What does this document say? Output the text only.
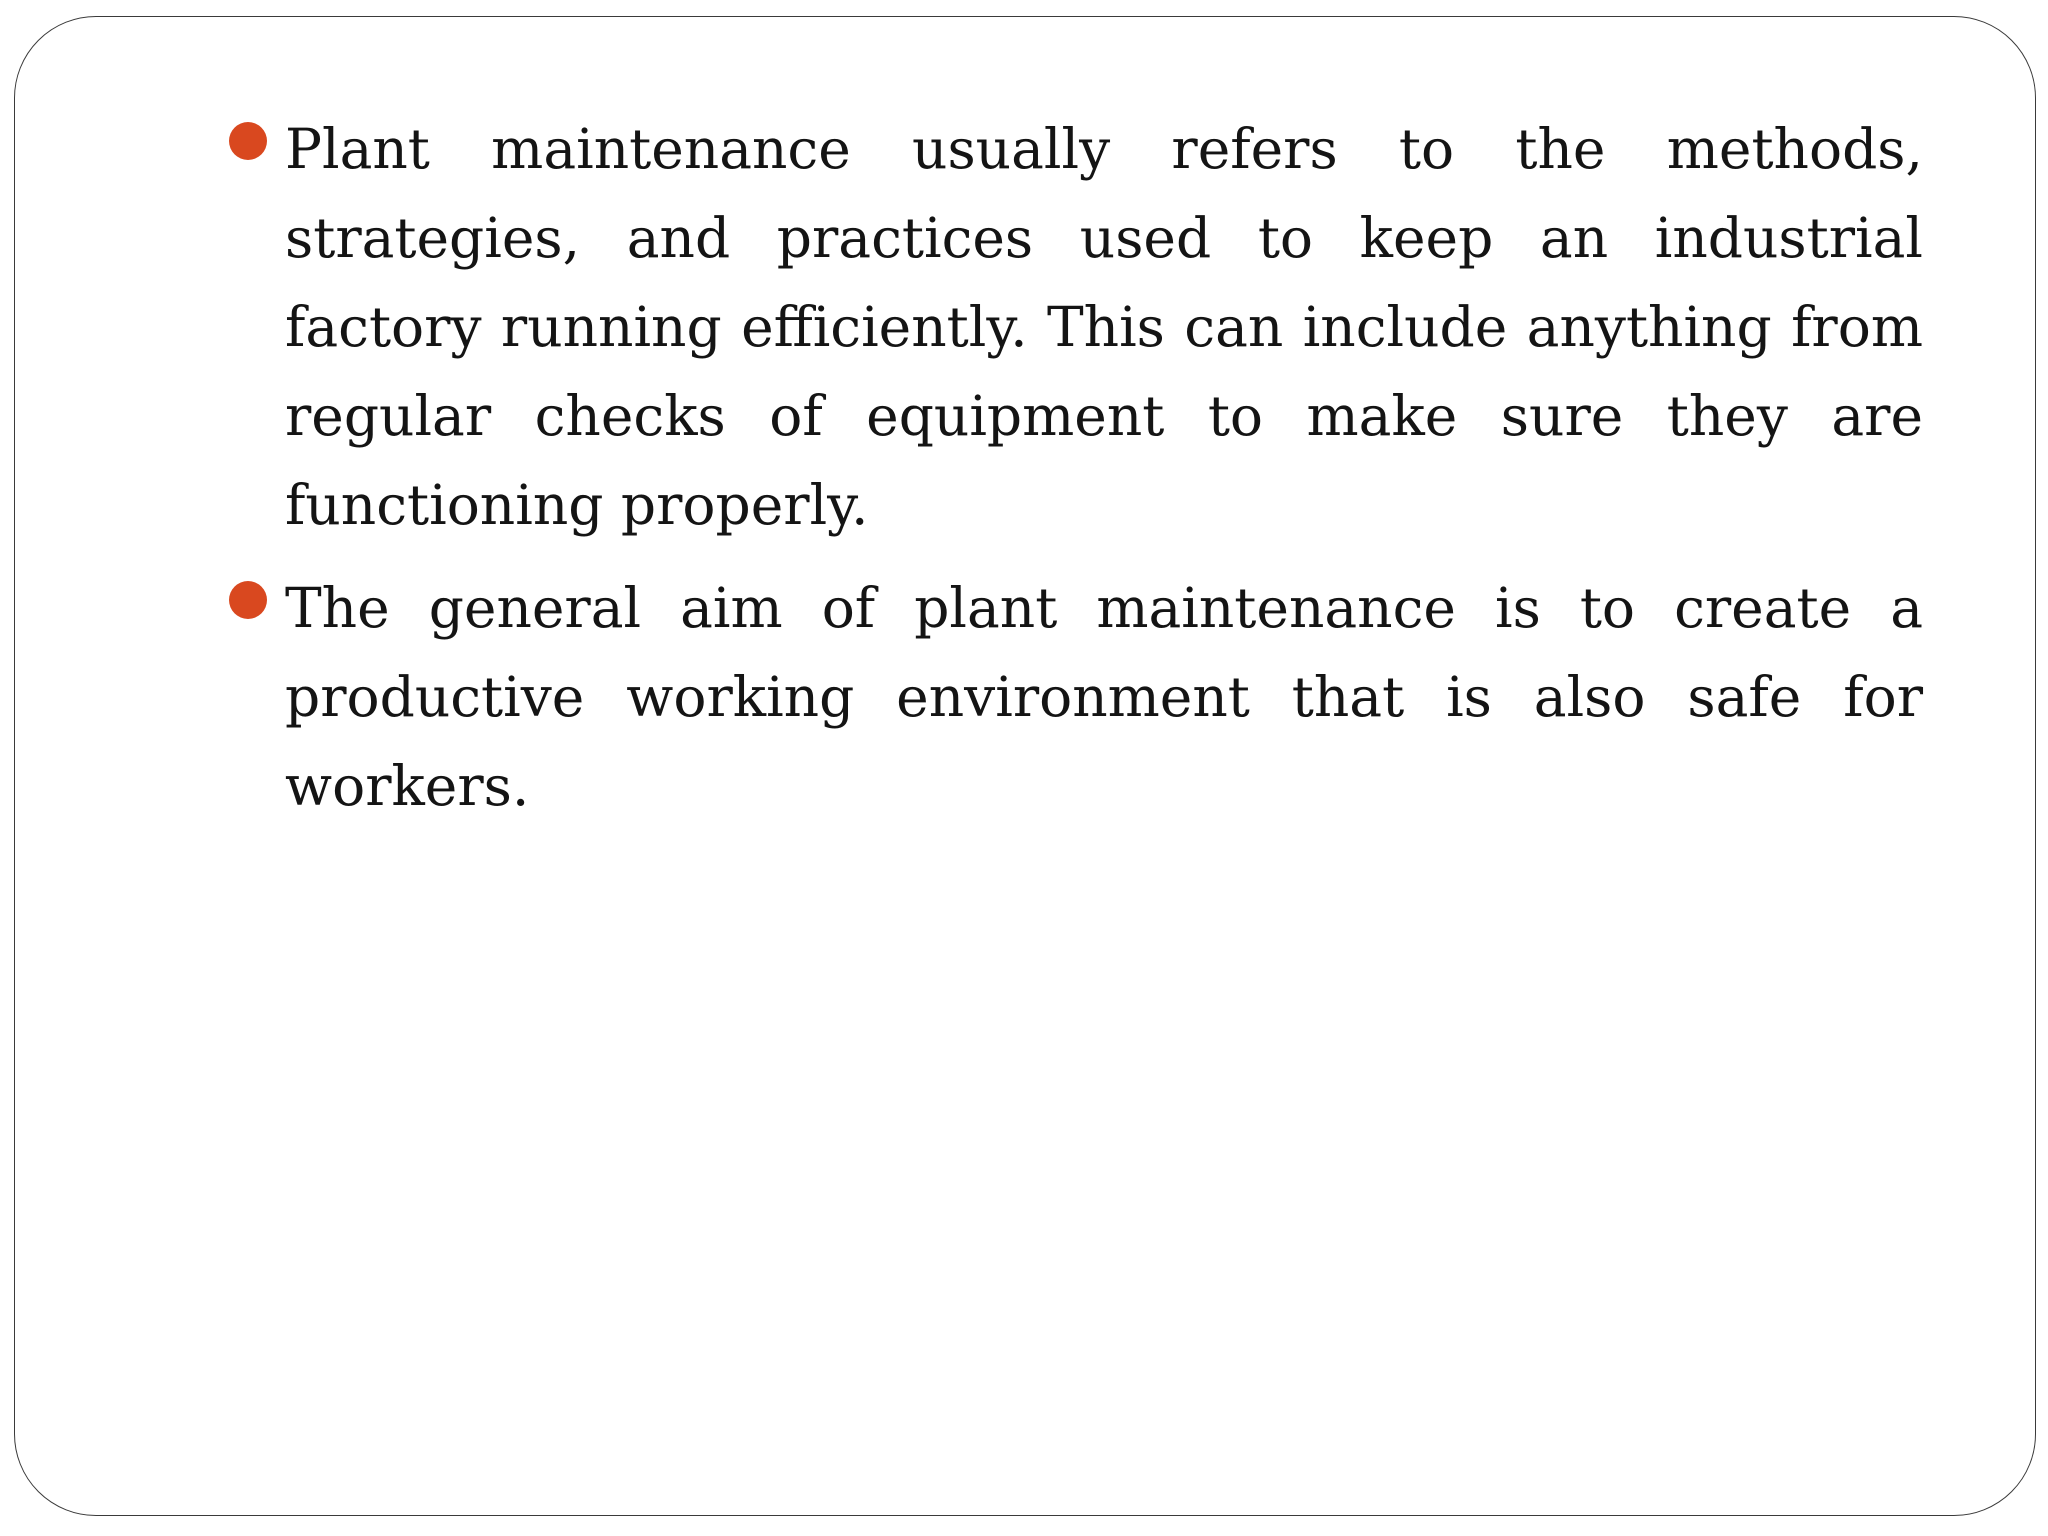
Plant maintenance usually refers to the methods, strategies, and practices used to keep an industrial factory running efficiently. This can include anything from regular checks of equipment to make sure they are functioning properly.
The general aim of plant maintenance is to create a productive working environment that is also safe for workers.
